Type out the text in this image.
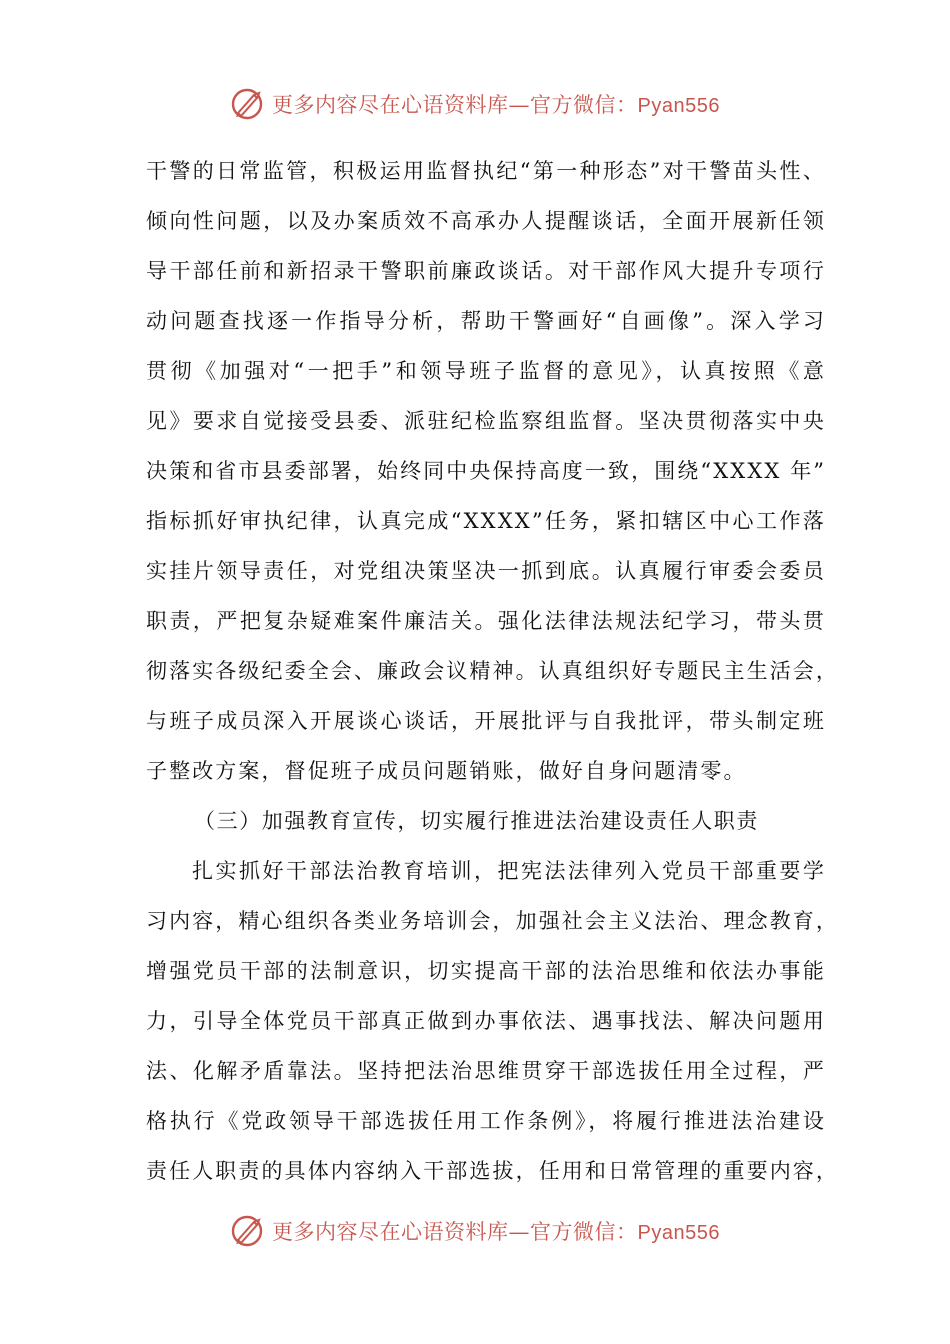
更多内容尽在心语资料库—官方微信：Pyan556
干警的日常监管，积极运用监督执纪“第一种形态”对干警苗头性、
倾向性问题，以及办案质效不高承办人提醒谈话，全面开展新任领
导干部任前和新招录干警职前廉政谈话。对干部作风大提升专项行
动问题查找逐一作指导分析，帮助干警画好“自画像”。深入学习
贯彻《加强对“一把手”和领导班子监督的意见》，认真按照《意
见》要求自觉接受县委、派驻纪检监察组监督。坚决贯彻落实中央
决策和省市县委部署，始终同中央保持高度一致，围绕“XXXX 年”
指标抓好审执纪律，认真完成“XXXX”任务，紧扣辖区中心工作落
实挂片领导责任，对党组决策坚决一抓到底。认真履行审委会委员
职责，严把复杂疑难案件廉洁关。强化法律法规法纪学习，带头贯
彻落实各级纪委全会、廉政会议精神。认真组织好专题民主生活会，
与班子成员深入开展谈心谈话，开展批评与自我批评，带头制定班
子整改方案，督促班子成员问题销账，做好自身问题清零。
（三）加强教育宣传，切实履行推进法治建设责任人职责
扎实抓好干部法治教育培训，把宪法法律列入党员干部重要学
习内容，精心组织各类业务培训会，加强社会主义法治、理念教育，
增强党员干部的法制意识，切实提高干部的法治思维和依法办事能
力，引导全体党员干部真正做到办事依法、遇事找法、解决问题用
法、化解矛盾靠法。坚持把法治思维贯穿干部选拔任用全过程，严
格执行《党政领导干部选拔任用工作条例》，将履行推进法治建设
责任人职责的具体内容纳入干部选拔，任用和日常管理的重要内容，
更多内容尽在心语资料库—官方微信：Pyan556
